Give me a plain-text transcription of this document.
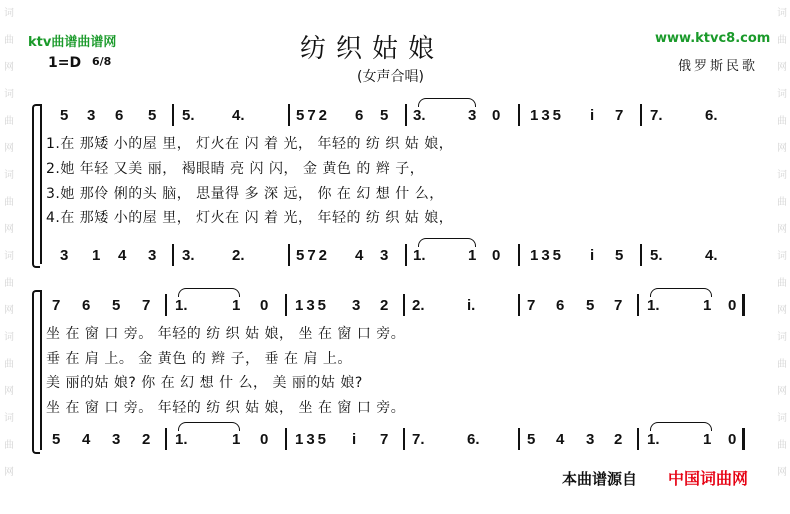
词曲网词曲网词曲网词曲网词曲网词曲网
词曲网词曲网词曲网词曲网词曲网词曲网
ktv曲谱曲谱网	www.ktvc8.com
纺织姑娘
(女声合唱)
1=D 6/8	俄罗斯民歌
5 3 6 5 5. 4.	572 6 5 3.	3 0 135 i 7 7.	6.
1.在 那矮 小的屋 里， 灯火在 闪 着 光， 年轻的 纺 织 姑 娘，
2.她 年轻 又美 丽， 褐眼睛 亮 闪 闪， 金 黄色 的 辫 子，
3.她 那伶 俐的头 脑， 思量得 多 深 远， 你 在 幻 想 什 么，
4.在 那矮 小的屋 里， 灯火在 闪 着 光， 年轻的 纺 织 姑 娘，
3 1 4 3 3. 2.	572 4 3 1.	1 0 135 i 5 5.	4.
7 6 5 7 1.	1 0 135 3 2 2.	i.	7 6 5 7 1.	1 0
坐 在 窗 口 旁。 年轻的 纺 织 姑 娘， 坐 在 窗 口 旁。
垂 在 肩 上。 金 黄色 的 辫 子， 垂 在 肩 上。
美 丽的姑 娘? 你 在 幻 想 什 么， 美 丽的姑 娘?
坐 在 窗 口 旁。 年轻的 纺 织 姑 娘， 坐 在 窗 口 旁。
5 4 3 2 1.	1 0 135 i 7 7.	6.	5 4 3 2 1.	1 0
本曲谱源自 中国词曲网
